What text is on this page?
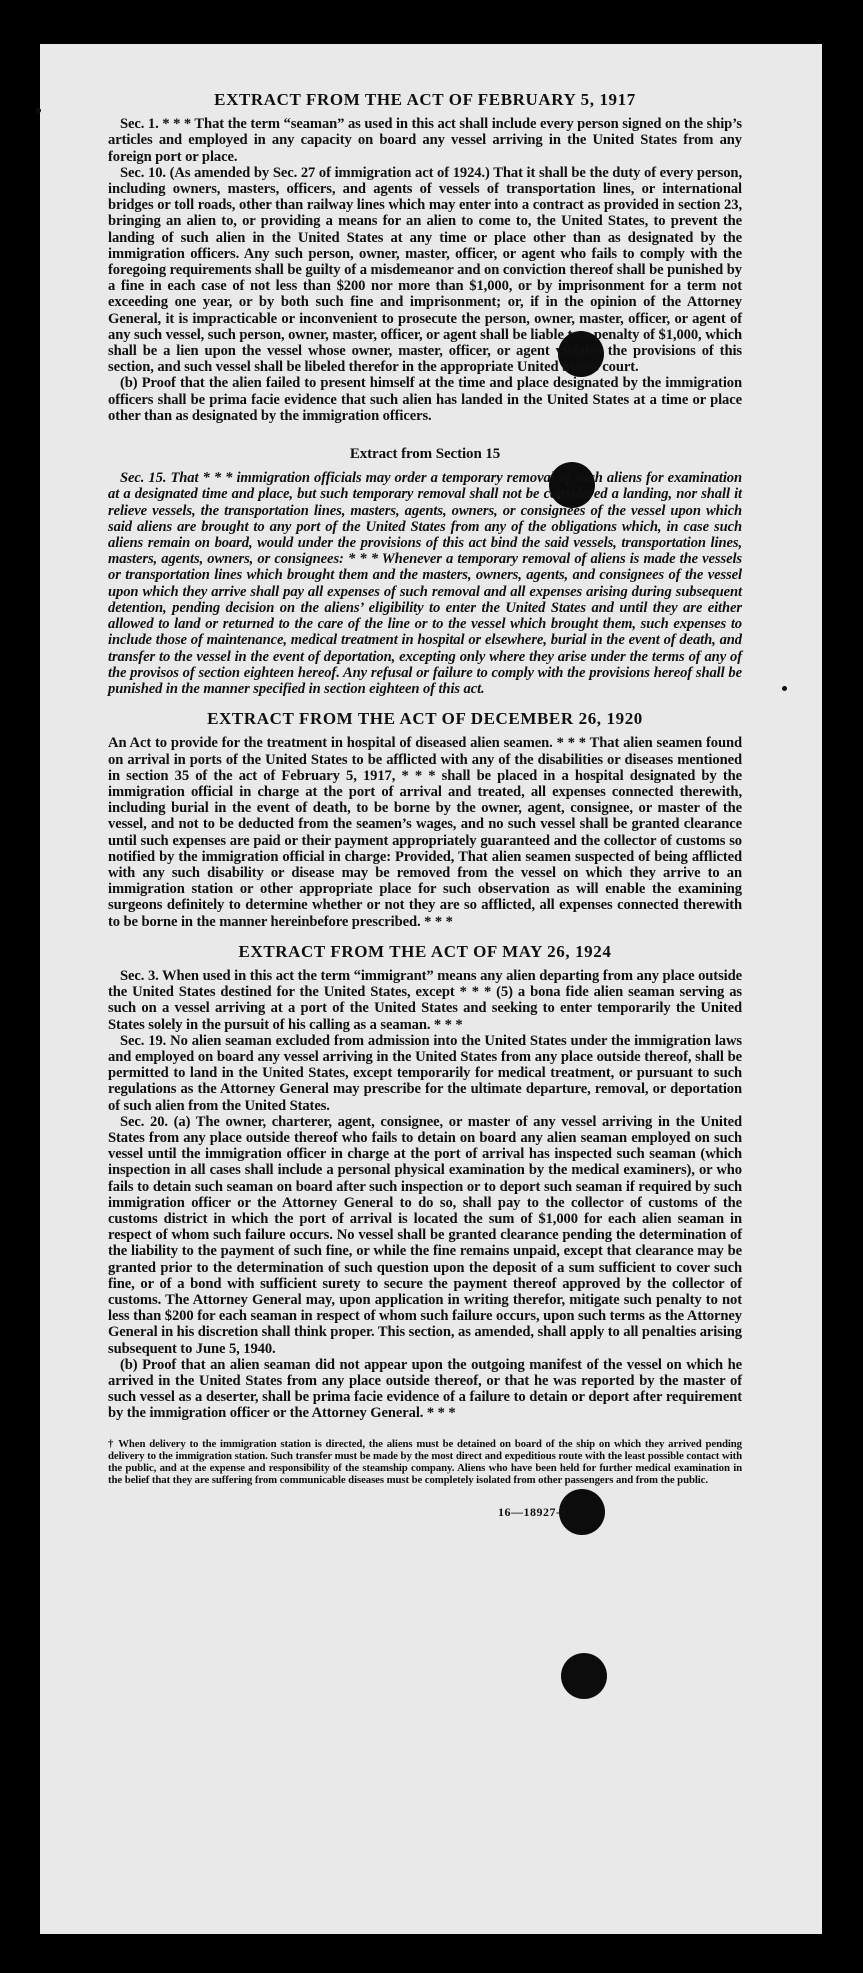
EXTRACT FROM THE ACT OF FEBRUARY 5, 1917

Sec. 1. * * * That the term “seaman” as used in this act shall include every person signed on the ship’s articles and employed in any capacity on board any vessel arriving in the United States from any foreign port or place.

Sec. 10. (As amended by Sec. 27 of immigration act of 1924.) That it shall be the duty of every person, including owners, masters, officers, and agents of vessels of transportation lines, or international bridges or toll roads, other than railway lines which may enter into a contract as provided in section 23, bringing an alien to, or providing a means for an alien to come to, the United States, to prevent the landing of such alien in the United States at any time or place other than as designated by the immigration officers. Any such person, owner, master, officer, or agent who fails to comply with the foregoing requirements shall be guilty of a misdemeanor and on conviction thereof shall be punished by a fine in each case of not less than $200 nor more than $1,000, or by imprisonment for a term not exceeding one year, or by both such fine and imprisonment; or, if in the opinion of the Attorney General, it is impracticable or inconvenient to prosecute the person, owner, master, officer, or agent of any such vessel, such person, owner, master, officer, or agent shall be liable to a penalty of $1,000, which shall be a lien upon the vessel whose owner, master, officer, or agent violates the provisions of this section, and such vessel shall be libeled therefor in the appropriate United States court.

(b) Proof that the alien failed to present himself at the time and place designated by the immigration officers shall be prima facie evidence that such alien has landed in the United States at a time or place other than as designated by the immigration officers.

Extract from Section 15

Sec. 15. That * * * immigration officials may order a temporary removal of such aliens for examination at a designated time and place, but such temporary removal shall not be considered a landing, nor shall it relieve vessels, the transportation lines, masters, agents, owners, or consignees of the vessel upon which said aliens are brought to any port of the United States from any of the obligations which, in case such aliens remain on board, would under the provisions of this act bind the said vessels, transportation lines, masters, agents, owners, or consignees: * * * Whenever a temporary removal of aliens is made the vessels or transportation lines which brought them and the masters, owners, agents, and consignees of the vessel upon which they arrive shall pay all expenses of such removal and all expenses arising during subsequent detention, pending decision on the aliens’ eligibility to enter the United States and until they are either allowed to land or returned to the care of the line or to the vessel which brought them, such expenses to include those of maintenance, medical treatment in hospital or elsewhere, burial in the event of death, and transfer to the vessel in the event of deportation, excepting only where they arise under the terms of any of the provisos of section eighteen hereof. Any refusal or failure to comply with the provisions hereof shall be punished in the manner specified in section eighteen of this act.

EXTRACT FROM THE ACT OF DECEMBER 26, 1920

An Act to provide for the treatment in hospital of diseased alien seamen. * * * That alien seamen found on arrival in ports of the United States to be afflicted with any of the disabilities or diseases mentioned in section 35 of the act of February 5, 1917, * * * shall be placed in a hospital designated by the immigration official in charge at the port of arrival and treated, all expenses connected therewith, including burial in the event of death, to be borne by the owner, agent, consignee, or master of the vessel, and not to be deducted from the seamen’s wages, and no such vessel shall be granted clearance until such expenses are paid or their payment appropriately guaranteed and the collector of customs so notified by the immigration official in charge: Provided, That alien seamen suspected of being afflicted with any such disability or disease may be removed from the vessel on which they arrive to an immigration station or other appropriate place for such observation as will enable the examining surgeons definitely to determine whether or not they are so afflicted, all expenses connected therewith to be borne in the manner hereinbefore prescribed. * * *

EXTRACT FROM THE ACT OF MAY 26, 1924

Sec. 3. When used in this act the term “immigrant” means any alien departing from any place outside the United States destined for the United States, except * * * (5) a bona fide alien seaman serving as such on a vessel arriving at a port of the United States and seeking to enter temporarily the United States solely in the pursuit of his calling as a seaman. * * *

Sec. 19. No alien seaman excluded from admission into the United States under the immigration laws and employed on board any vessel arriving in the United States from any place outside thereof, shall be permitted to land in the United States, except temporarily for medical treatment, or pursuant to such regulations as the Attorney General may prescribe for the ultimate departure, removal, or deportation of such alien from the United States.

Sec. 20. (a) The owner, charterer, agent, consignee, or master of any vessel arriving in the United States from any place outside thereof who fails to detain on board any alien seaman employed on such vessel until the immigration officer in charge at the port of arrival has inspected such seaman (which inspection in all cases shall include a personal physical examination by the medical examiners), or who fails to detain such seaman on board after such inspection or to deport such seaman if required by such immigration officer or the Attorney General to do so, shall pay to the collector of customs of the customs district in which the port of arrival is located the sum of $1,000 for each alien seaman in respect of whom such failure occurs. No vessel shall be granted clearance pending the determination of the liability to the payment of such fine, or while the fine remains unpaid, except that clearance may be granted prior to the determination of such question upon the deposit of a sum sufficient to cover such fine, or of a bond with sufficient surety to secure the payment thereof approved by the collector of customs. The Attorney General may, upon application in writing therefor, mitigate such penalty to not less than $200 for each seaman in respect of whom such failure occurs, upon such terms as the Attorney General in his discretion shall think proper. This section, as amended, shall apply to all penalties arising subsequent to June 5, 1940.

(b) Proof that an alien seaman did not appear upon the outgoing manifest of the vessel on which he arrived in the United States from any place outside thereof, or that he was reported by the master of such vessel as a deserter, shall be prima facie evidence of a failure to detain or deport after requirement by the immigration officer or the Attorney General. * * *

† When delivery to the immigration station is directed, the aliens must be detained on board of the ship on which they arrived pending delivery to the immigration station. Such transfer must be made by the most direct and expeditious route with the least possible contact with the public, and at the expense and responsibility of the steamship company. Aliens who have been held for further medical examination in the belief that they are suffering from communicable diseases must be completely isolated from other passengers and from the public.
16—18927-1
